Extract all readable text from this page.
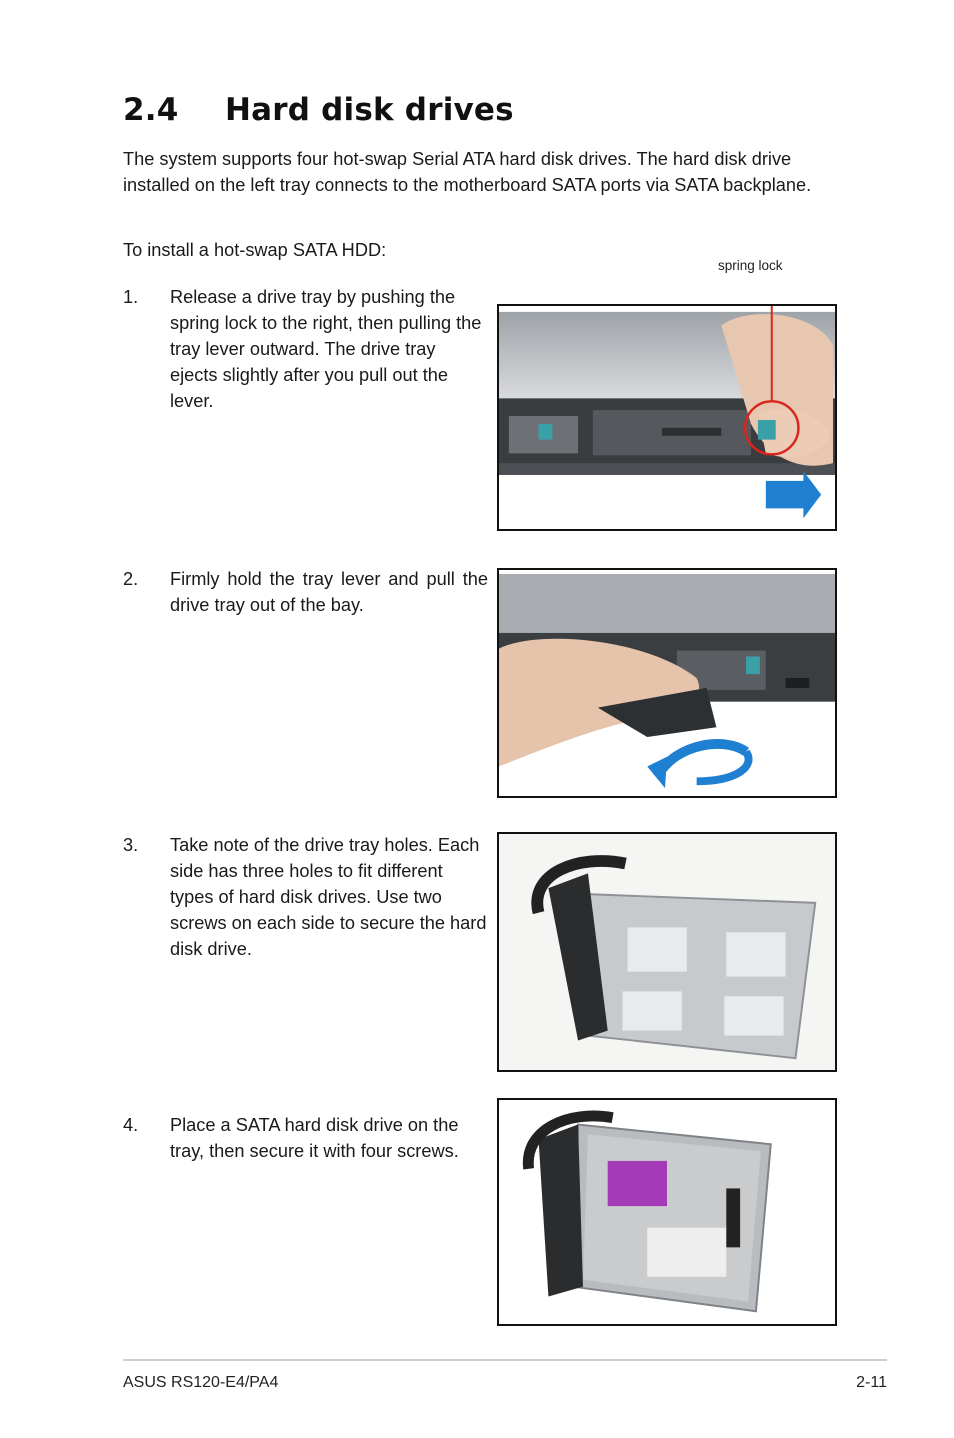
2.4 Hard disk drives

The system supports four hot-swap Serial ATA hard disk drives. The hard disk drive installed on the left tray connects to the motherboard SATA ports via SATA backplane.

To install a hot-swap SATA HDD:

1. Release a drive tray by pushing the spring lock to the right, then pulling the tray lever outward. The drive tray ejects slightly after you pull out the lever.
spring lock
2. Firmly hold the tray lever and pull the drive tray out of the bay.
3. Take note of the drive tray holes. Each side has three holes to fit different types of hard disk drives. Use two screws on each side to secure the hard disk drive.
4. Place a SATA hard disk drive on the tray, then secure it with four screws.
ASUS RS120-E4/PA4	2-11
